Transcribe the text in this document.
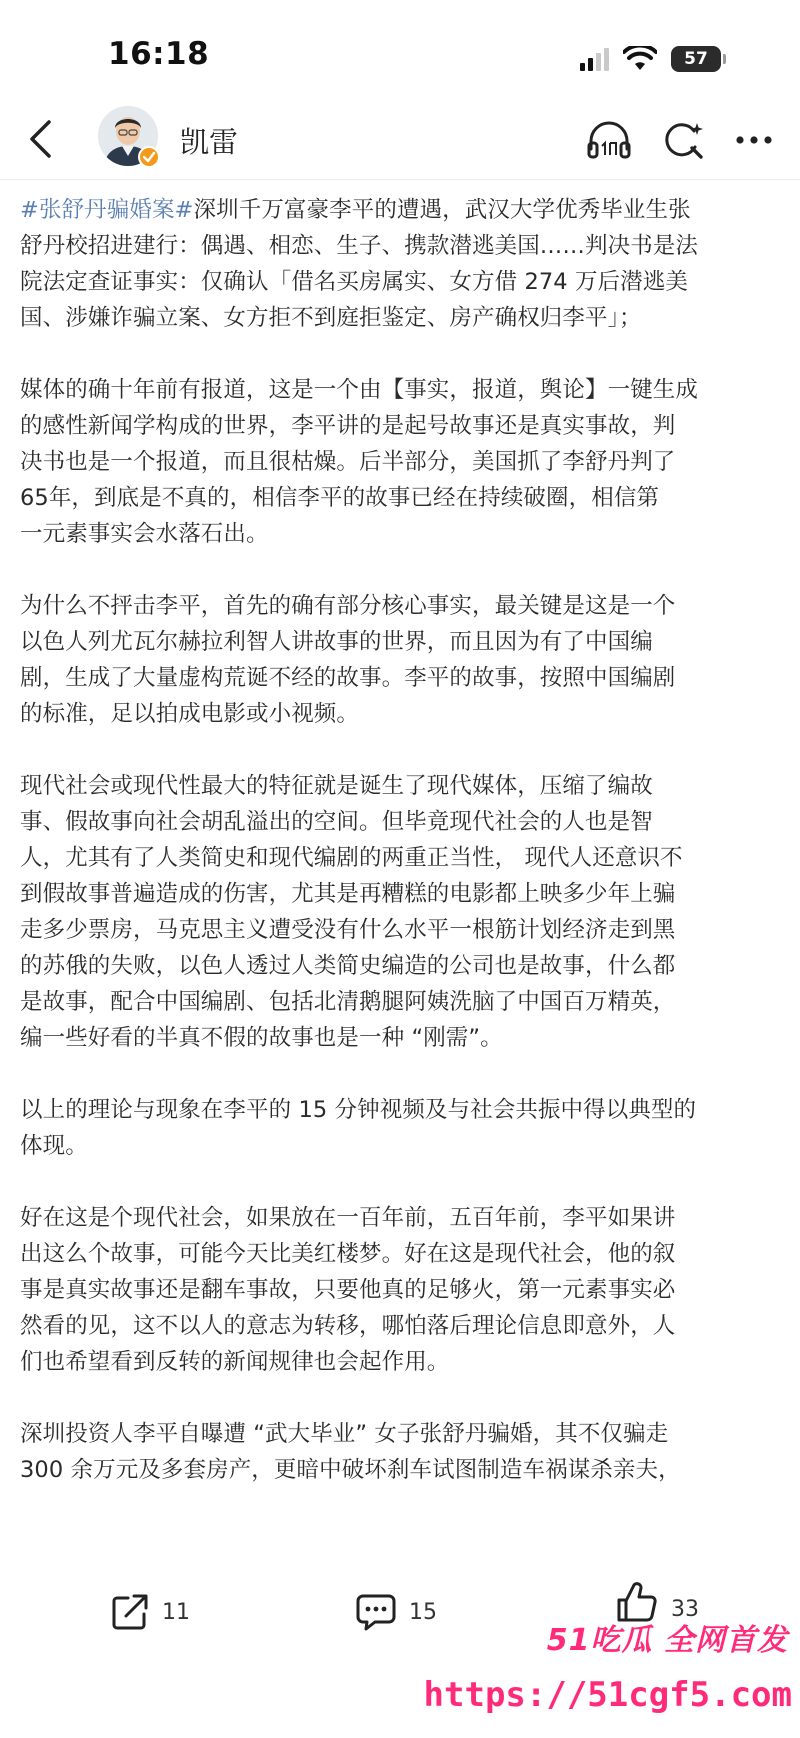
16:18	57
凯雷
#张舒丹骗婚案#深圳千万富豪李平的遭遇，武汉大学优秀毕业生张
舒丹校招进建行：偶遇、相恋、生子、携款潜逃美国……判决书是法
院法定查证事实：仅确认「借名买房属实、女方借 274 万后潜逃美
国、涉嫌诈骗立案、女方拒不到庭拒鉴定、房产确权归李平」；
媒体的确十年前有报道，这是一个由【事实，报道，舆论】一键生成
的感性新闻学构成的世界，李平讲的是起号故事还是真实事故，判
决书也是一个报道，而且很枯燥。后半部分，美国抓了李舒丹判了
65年，到底是不真的，相信李平的故事已经在持续破圈，相信第
一元素事实会水落石出。
为什么不抨击李平，首先的确有部分核心事实，最关键是这是一个
以色人列尤瓦尔赫拉利智人讲故事的世界，而且因为有了中国编
剧，生成了大量虚构荒诞不经的故事。李平的故事，按照中国编剧
的标准，足以拍成电影或小视频。
现代社会或现代性最大的特征就是诞生了现代媒体，压缩了编故
事、假故事向社会胡乱溢出的空间。但毕竟现代社会的人也是智
人，尤其有了人类简史和现代编剧的两重正当性， 现代人还意识不
到假故事普遍造成的伤害，尤其是再糟糕的电影都上映多少年上骗
走多少票房，马克思主义遭受没有什么水平一根筋计划经济走到黑
的苏俄的失败，以色人透过人类简史编造的公司也是故事，什么都
是故事，配合中国编剧、包括北清鹅腿阿姨洗脑了中国百万精英，
编一些好看的半真不假的故事也是一种 “刚需”。
以上的理论与现象在李平的 15 分钟视频及与社会共振中得以典型的
体现。
好在这是个现代社会，如果放在一百年前，五百年前，李平如果讲
出这么个故事，可能今天比美红楼梦。好在这是现代社会，他的叙
事是真实故事还是翻车事故，只要他真的足够火，第一元素事实必
然看的见，这不以人的意志为转移，哪怕落后理论信息即意外，人
们也希望看到反转的新闻规律也会起作用。
深圳投资人李平自曝遭 “武大毕业” 女子张舒丹骗婚，其不仅骗走
300 余万元及多套房产，更暗中破坏刹车试图制造车祸谋杀亲夫，
11	15	33
51吃瓜 全网首发
https://51cgf5.com
